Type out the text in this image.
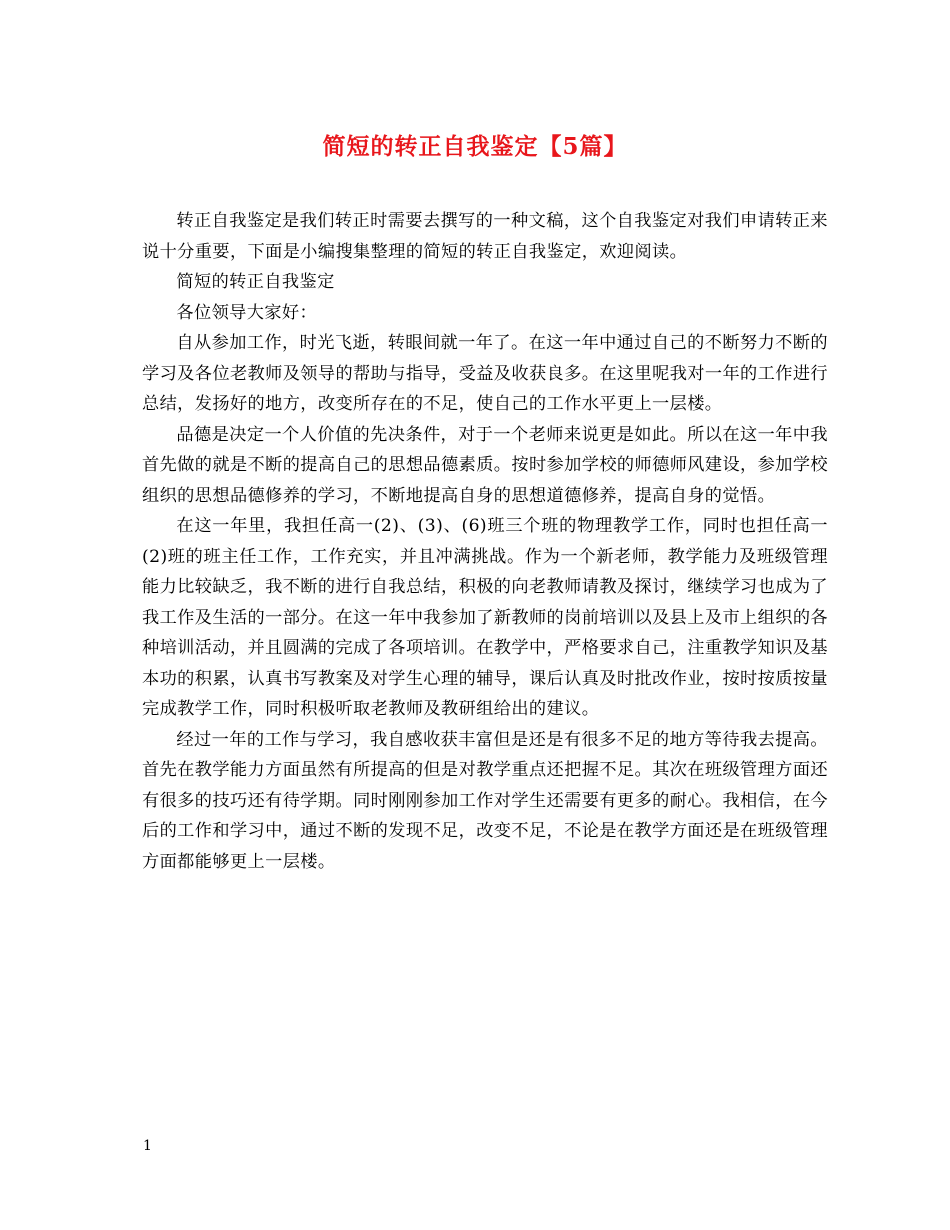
简短的转正自我鉴定【5篇】

转正自我鉴定是我们转正时需要去撰写的一种文稿，这个自我鉴定对我们申请转正来说十分重要，下面是小编搜集整理的简短的转正自我鉴定，欢迎阅读。

简短的转正自我鉴定

各位领导大家好：

自从参加工作，时光飞逝，转眼间就一年了。在这一年中通过自己的不断努力不断的学习及各位老教师及领导的帮助与指导，受益及收获良多。在这里呢我对一年的工作进行总结，发扬好的地方，改变所存在的不足，使自己的工作水平更上一层楼。

品德是决定一个人价值的先决条件，对于一个老师来说更是如此。所以在这一年中我首先做的就是不断的提高自己的思想品德素质。按时参加学校的师德师风建设，参加学校组织的思想品德修养的学习，不断地提高自身的思想道德修养，提高自身的觉悟。

在这一年里，我担任高一(2)、(3)、(6)班三个班的物理教学工作，同时也担任高一(2)班的班主任工作，工作充实，并且冲满挑战。作为一个新老师，教学能力及班级管理能力比较缺乏，我不断的进行自我总结，积极的向老教师请教及探讨，继续学习也成为了我工作及生活的一部分。在这一年中我参加了新教师的岗前培训以及县上及市上组织的各种培训活动，并且圆满的完成了各项培训。在教学中，严格要求自己，注重教学知识及基本功的积累，认真书写教案及对学生心理的辅导，课后认真及时批改作业，按时按质按量完成教学工作，同时积极听取老教师及教研组给出的建议。

经过一年的工作与学习，我自感收获丰富但是还是有很多不足的地方等待我去提高。首先在教学能力方面虽然有所提高的但是对教学重点还把握不足。其次在班级管理方面还有很多的技巧还有待学期。同时刚刚参加工作对学生还需要有更多的耐心。我相信，在今后的工作和学习中，通过不断的发现不足，改变不足，不论是在教学方面还是在班级管理方面都能够更上一层楼。

1
